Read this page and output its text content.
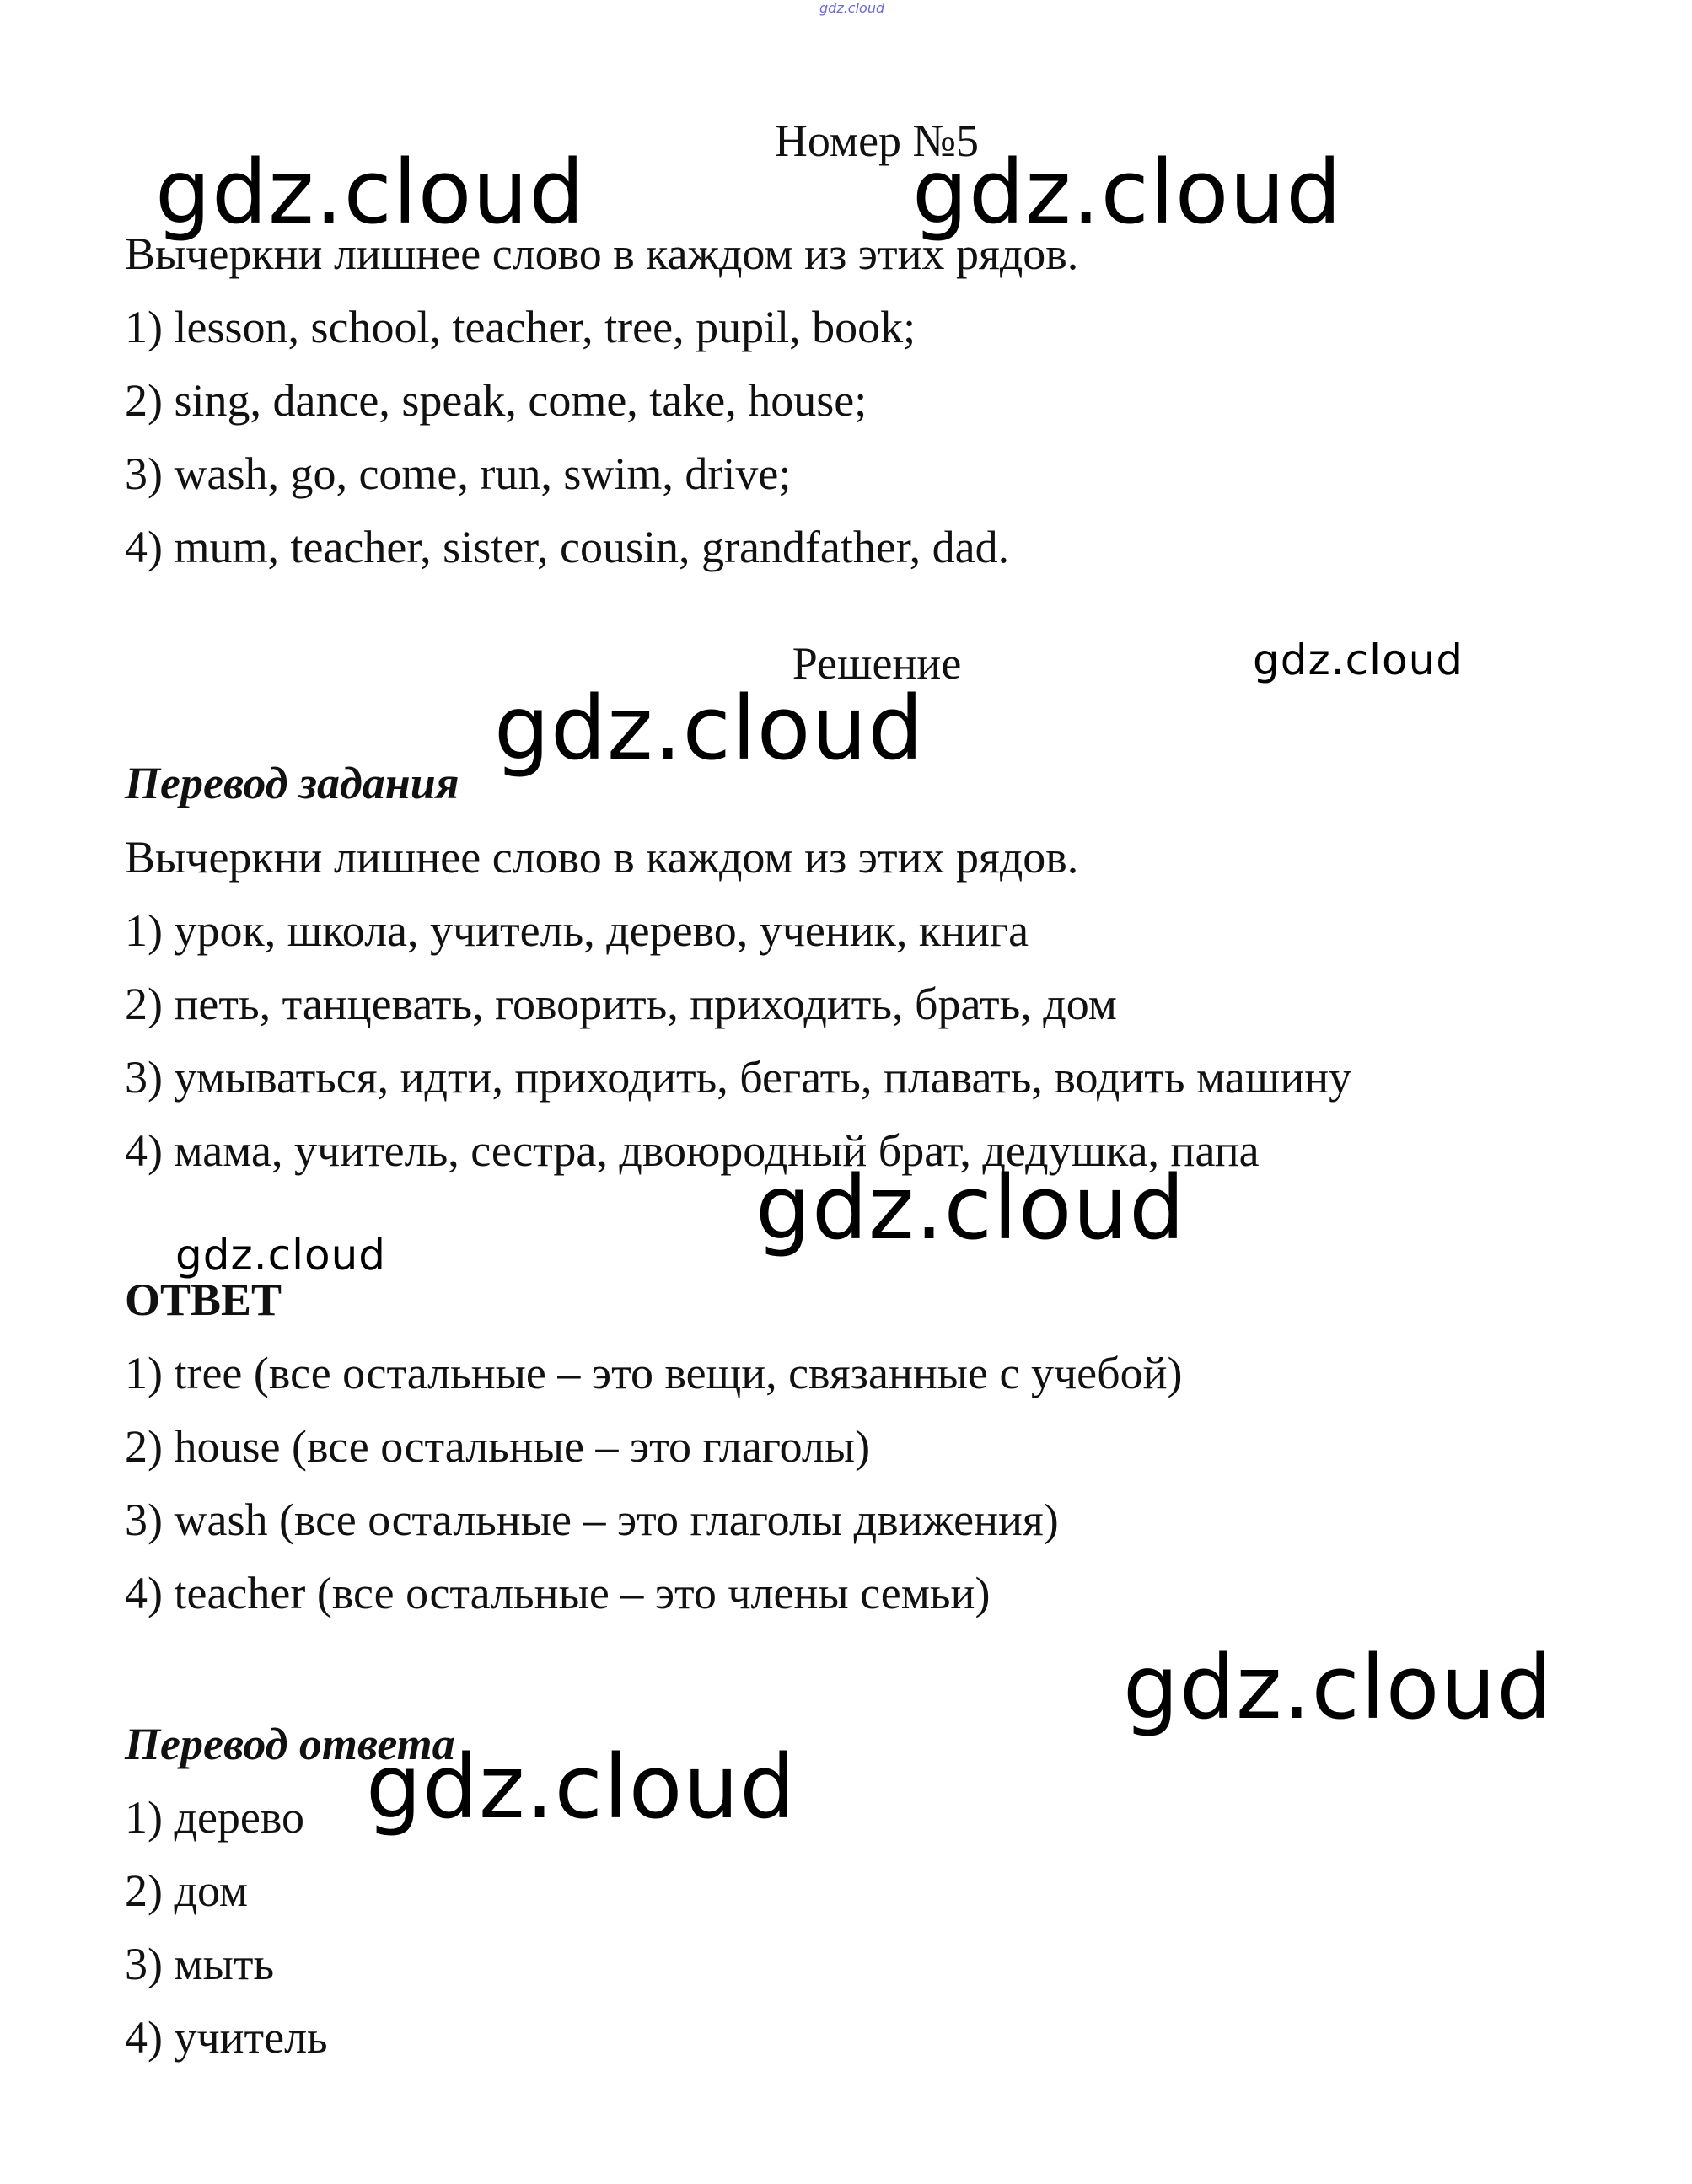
gdz.cloud
Номер №5
Вычеркни лишнее слово в каждом из этих рядов.
1) lesson, school, teacher, tree, pupil, book;
2) sing, dance, speak, come, take, house;
3) wash, go, come, run, swim, drive;
4) mum, teacher, sister, cousin, grandfather, dad.
Решение
Перевод задания
Вычеркни лишнее слово в каждом из этих рядов.
1) урок, школа, учитель, дерево, ученик, книга
2) петь, танцевать, говорить, приходить, брать, дом
3) умываться, идти, приходить, бегать, плавать, водить машину
4) мама, учитель, сестра, двоюродный брат, дедушка, папа
ОТВЕТ
1) tree (все остальные – это вещи, связанные с учебой)
2) house (все остальные – это глаголы)
3) wash (все остальные – это глаголы движения)
4) teacher (все остальные – это члены семьи)
Перевод ответа
1) дерево
2) дом
3) мыть
4) учитель
gdz.cloud	gdz.cloud
gdz.cloud
gdz.cloud
gdz.cloud
gdz.cloud
gdz.cloud
gdz.cloud
